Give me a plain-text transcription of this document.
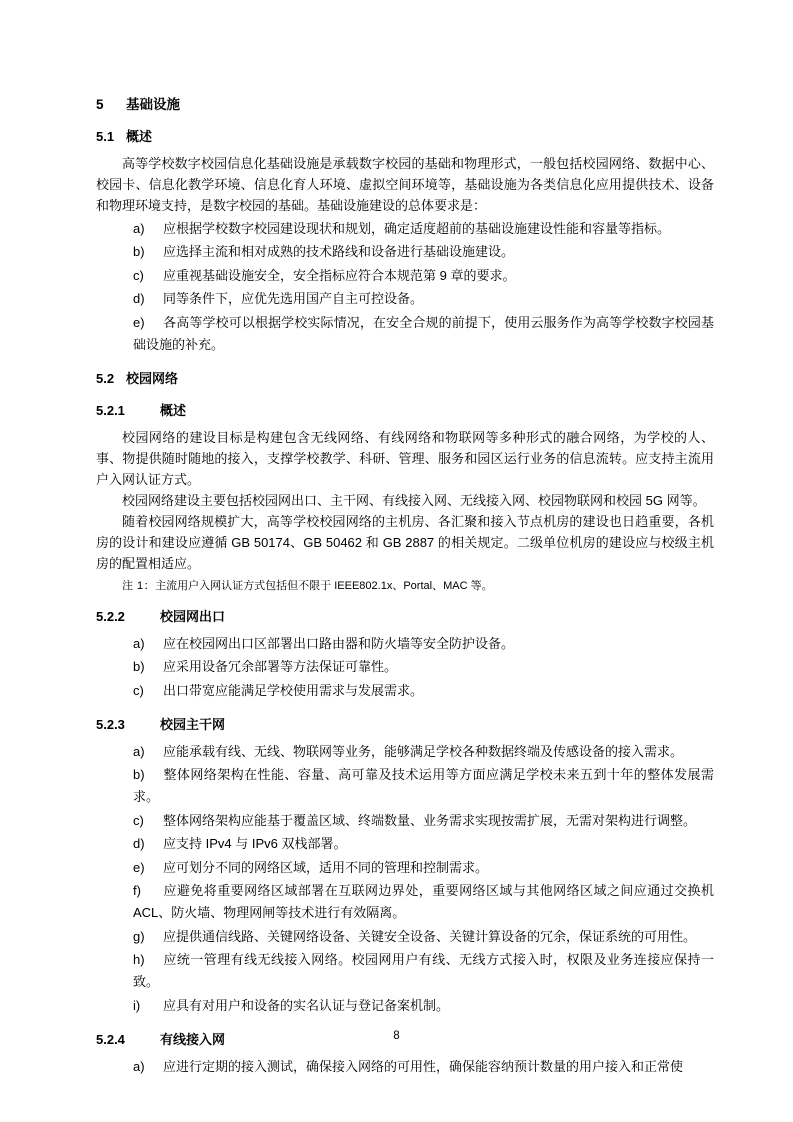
5 基础设施
5.1 概述

高等学校数字校园信息化基础设施是承载数字校园的基础和物理形式，一般包括校园网络、数据中心、校园卡、信息化教学环境、信息化育人环境、虚拟空间环境等，基础设施为各类信息化应用提供技术、设备和物理环境支持，是数字校园的基础。基础设施建设的总体要求是：

a) 应根据学校数字校园建设现状和规划，确定适度超前的基础设施建设性能和容量等指标。
b) 应选择主流和相对成熟的技术路线和设备进行基础设施建设。
c) 应重视基础设施安全，安全指标应符合本规范第 9 章的要求。
d) 同等条件下，应优先选用国产自主可控设备。
e) 各高等学校可以根据学校实际情况，在安全合规的前提下，使用云服务作为高等学校数字校园基础设施的补充。
5.2 校园网络
5.2.1	概述

校园网络的建设目标是构建包含无线网络、有线网络和物联网等多种形式的融合网络，为学校的人、事、物提供随时随地的接入，支撑学校教学、科研、管理、服务和园区运行业务的信息流转。应支持主流用户入网认证方式。

校园网络建设主要包括校园网出口、主干网、有线接入网、无线接入网、校园物联网和校园 5G 网等。

随着校园网络规模扩大，高等学校校园网络的主机房、各汇聚和接入节点机房的建设也日趋重要，各机房的设计和建设应遵循 GB 50174、GB 50462 和 GB 2887 的相关规定。二级单位机房的建设应与校级主机房的配置相适应。

注 1：主流用户入网认证方式包括但不限于 IEEE802.1x、Portal、MAC 等。
5.2.2	校园网出口
a) 应在校园网出口区部署出口路由器和防火墙等安全防护设备。
b) 应采用设备冗余部署等方法保证可靠性。
c) 出口带宽应能满足学校使用需求与发展需求。
5.2.3	校园主干网
a) 应能承载有线、无线、物联网等业务，能够满足学校各种数据终端及传感设备的接入需求。
b) 整体网络架构在性能、容量、高可靠及技术运用等方面应满足学校未来五到十年的整体发展需求。
c) 整体网络架构应能基于覆盖区域、终端数量、业务需求实现按需扩展，无需对架构进行调整。
d) 应支持 IPv4 与 IPv6 双栈部署。
e) 应可划分不同的网络区域，适用不同的管理和控制需求。
f) 应避免将重要网络区域部署在互联网边界处，重要网络区域与其他网络区域之间应通过交换机 ACL、防火墙、物理网闸等技术进行有效隔离。
g) 应提供通信线路、关键网络设备、关键安全设备、关键计算设备的冗余，保证系统的可用性。
h) 应统一管理有线无线接入网络。校园网用户有线、无线方式接入时，权限及业务连接应保持一致。
i) 应具有对用户和设备的实名认证与登记备案机制。
5.2.4	有线接入网
a) 应进行定期的接入测试，确保接入网络的可用性，确保能容纳预计数量的用户接入和正常使
8
